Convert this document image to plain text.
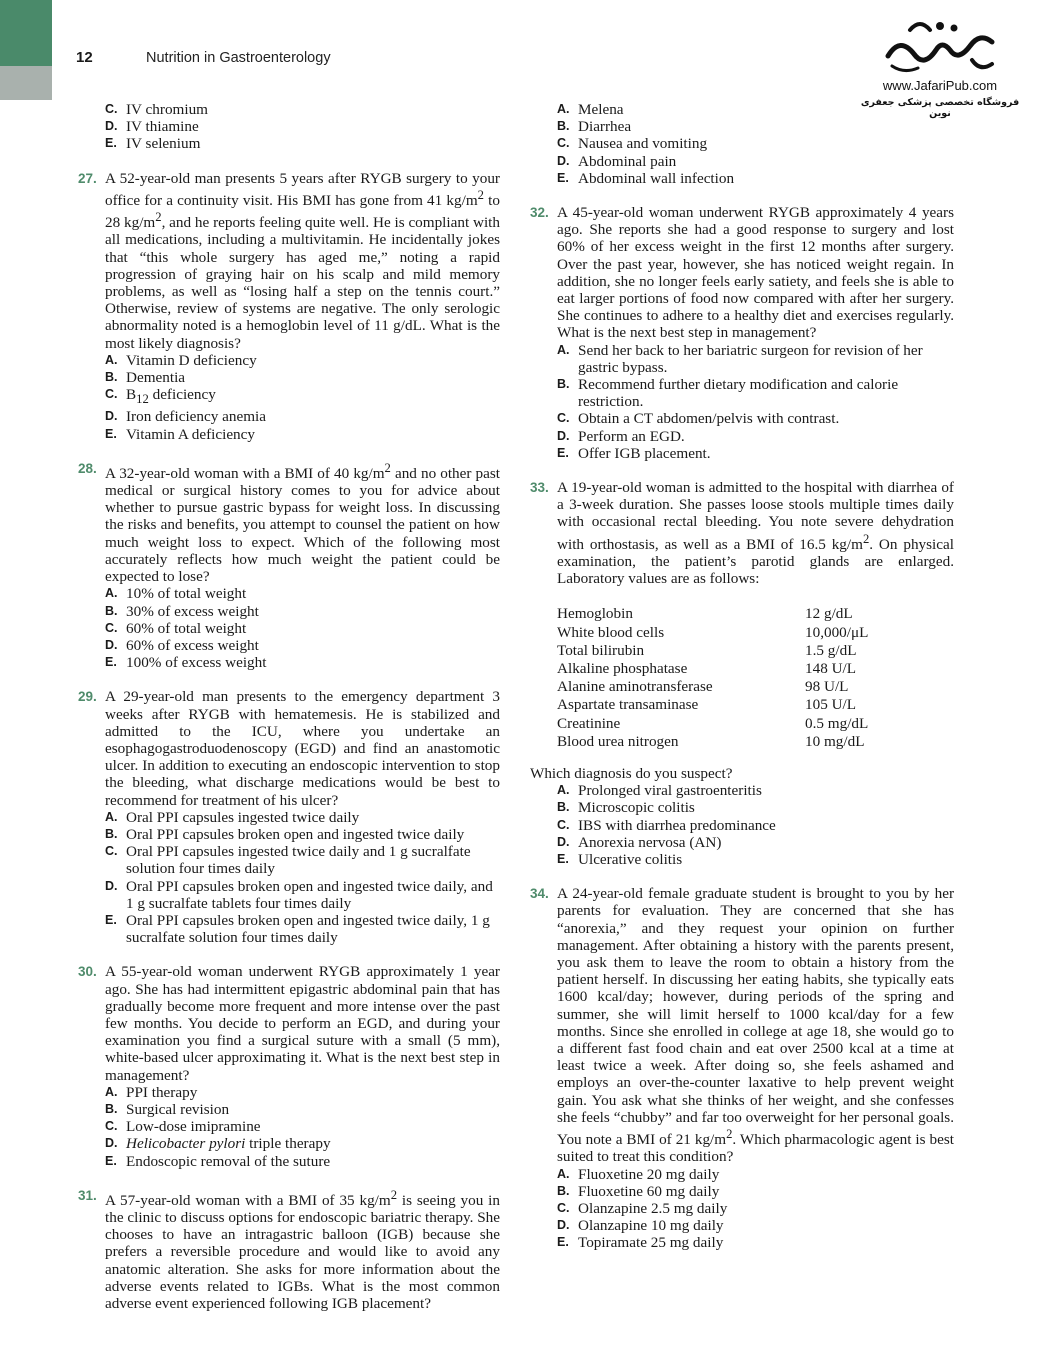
12	Nutrition in Gastroenterology
www.JafariPub.com
فروشگاه تخصصی پزشکی جعفری نوین
C. IV chromium
D. IV thiamine
E. IV selenium
27. A 52-year-old man presents 5 years after RYGB surgery to your office for a continuity visit. His BMI has gone from 41 $kg/m^2$ to 28 $kg/m^2$, and he reports feeling quite well. He is compliant with all medications, including a multivitamin. He incidentally jokes that “this whole surgery has aged me,” noting a rapid progression of graying hair on his scalp and mild memory problems, as well as “losing half a step on the tennis court.” Otherwise, review of systems are negative. The only serologic abnormality noted is a hemoglobin level of 11 g/dL. What is the most likely diagnosis?
A. Vitamin D deficiency
B. Dementia
C. $B_{12}$ deficiency
D. Iron deficiency anemia
E. Vitamin A deficiency
28. A 32-year-old woman with a BMI of 40 $kg/m^2$ and no other past medical or surgical history comes to you for advice about whether to pursue gastric bypass for weight loss. In discussing the risks and benefits, you attempt to counsel the patient on how much weight loss to expect. Which of the following most accurately reflects how much weight the patient could be expected to lose?
A. 10% of total weight
B. 30% of excess weight
C. 60% of total weight
D. 60% of excess weight
E. 100% of excess weight
29. A 29-year-old man presents to the emergency department 3 weeks after RYGB with hematemesis. He is stabilized and admitted to the ICU, where you undertake an esophagogastroduodenoscopy (EGD) and find an anastomotic ulcer. In addition to executing an endoscopic intervention to stop the bleeding, what discharge medications would be best to recommend for treatment of his ulcer?
A. Oral PPI capsules ingested twice daily
B. Oral PPI capsules broken open and ingested twice daily
C. Oral PPI capsules ingested twice daily and 1 g sucralfate solution four times daily
D. Oral PPI capsules broken open and ingested twice daily, and 1 g sucralfate tablets four times daily
E. Oral PPI capsules broken open and ingested twice daily, 1 g sucralfate solution four times daily
30. A 55-year-old woman underwent RYGB approximately 1 year ago. She has had intermittent epigastric abdominal pain that has gradually become more frequent and more intense over the past few months. You decide to perform an EGD, and during your examination you find a surgical suture with a small (5 mm), white-based ulcer approximating it. What is the next best step in management?
A. PPI therapy
B. Surgical revision
C. Low-dose imipramine
D. Helicobacter pylori triple therapy
E. Endoscopic removal of the suture
31. A 57-year-old woman with a BMI of 35 $kg/m^2$ is seeing you in the clinic to discuss options for endoscopic bariatric therapy. She chooses to have an intragastric balloon (IGB) because she prefers a reversible procedure and would like to avoid any anatomic alteration. She asks for more information about the adverse events related to IGBs. What is the most common adverse event experienced following IGB placement?
A. Melena
B. Diarrhea
C. Nausea and vomiting
D. Abdominal pain
E. Abdominal wall infection
32. A 45-year-old woman underwent RYGB approximately 4 years ago. She reports she had a good response to surgery and lost 60% of her excess weight in the first 12 months after surgery. Over the past year, however, she has noticed weight regain. In addition, she no longer feels early satiety, and feels she is able to eat larger portions of food now compared with after her surgery. She continues to adhere to a healthy diet and exercises regularly. What is the next best step in management?
A. Send her back to her bariatric surgeon for revision of her gastric bypass.
B. Recommend further dietary modification and calorie restriction.
C. Obtain a CT abdomen/pelvis with contrast.
D. Perform an EGD.
E. Offer IGB placement.
33. A 19-year-old woman is admitted to the hospital with diarrhea of a 3-week duration. She passes loose stools multiple times daily with occasional rectal bleeding. You note severe dehydration with orthostasis, as well as a BMI of 16.5 $kg/m^2$. On physical examination, the patient’s parotid glands are enlarged. Laboratory values are as follows:
Hemoglobin	12 g/dL
White blood cells	10,000/μL
Total bilirubin	1.5 g/dL
Alkaline phosphatase	148 U/L
Alanine aminotransferase	98 U/L
Aspartate transaminase	105 U/L
Creatinine	0.5 mg/dL
Blood urea nitrogen	10 mg/dL
Which diagnosis do you suspect?
A. Prolonged viral gastroenteritis
B. Microscopic colitis
C. IBS with diarrhea predominance
D. Anorexia nervosa (AN)
E. Ulcerative colitis
34. A 24-year-old female graduate student is brought to you by her parents for evaluation. They are concerned that she has “anorexia,” and they request your opinion on further management. After obtaining a history with the parents present, you ask them to leave the room to obtain a history from the patient herself. In discussing her eating habits, she typically eats 1600 kcal/day; however, during periods of the spring and summer, she will limit herself to 1000 kcal/day for a few months. Since she enrolled in college at age 18, she would go to a different fast food chain and eat over 2500 kcal at a time at least twice a week. After doing so, she feels ashamed and employs an over-the-counter laxative to help prevent weight gain. You ask what she thinks of her weight, and she confesses she feels “chubby” and far too overweight for her personal goals. You note a BMI of 21 $kg/m^2$. Which pharmacologic agent is best suited to treat this condition?
A. Fluoxetine 20 mg daily
B. Fluoxetine 60 mg daily
C. Olanzapine 2.5 mg daily
D. Olanzapine 10 mg daily
E. Topiramate 25 mg daily
